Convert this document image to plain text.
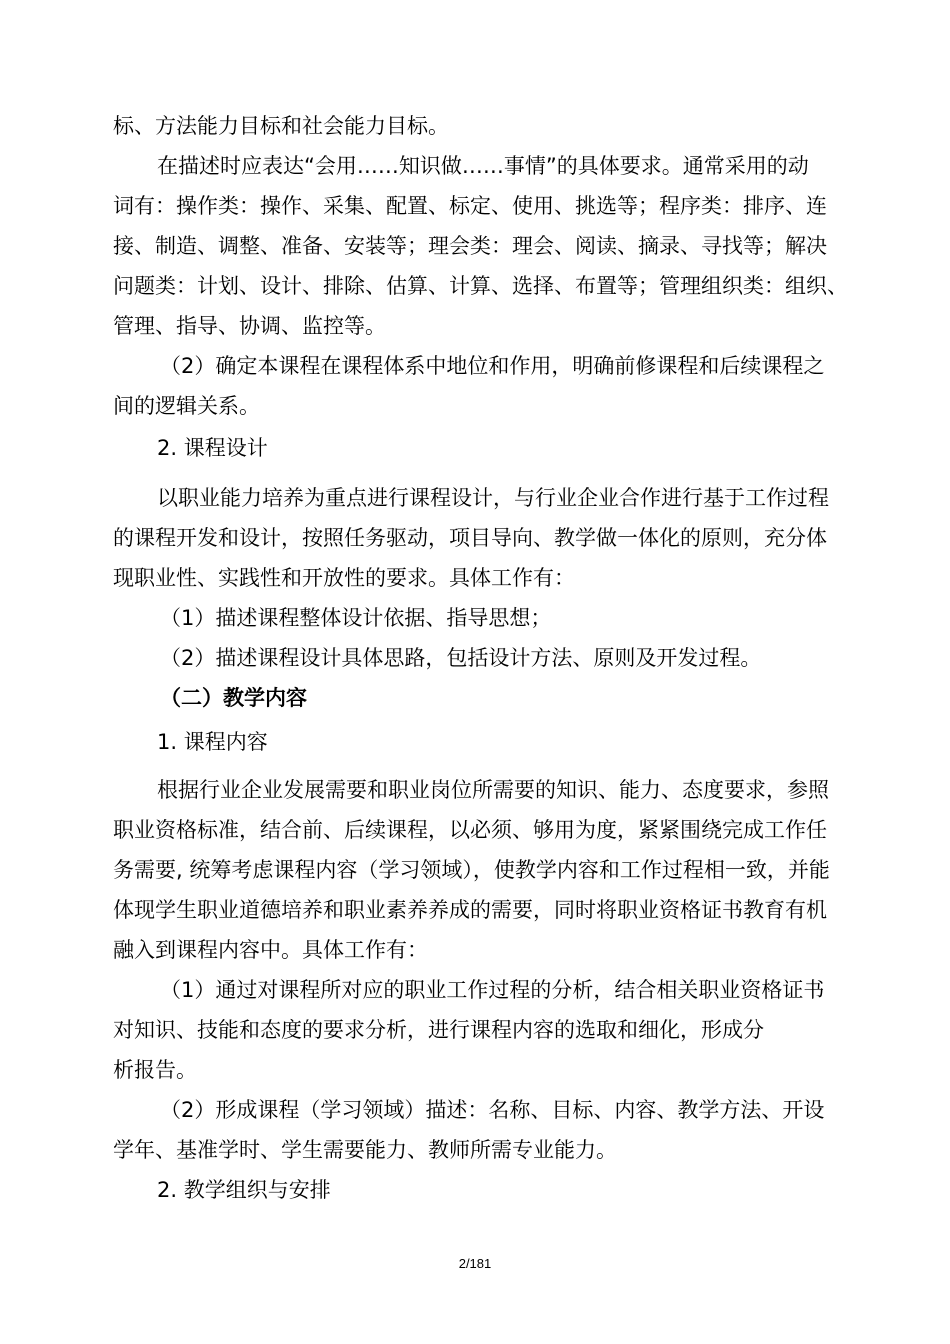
标、方法能力目标和社会能力目标。
在描述时应表达“会用……知识做……事情”的具体要求。通常采用的动
词有：操作类：操作、采集、配置、标定、使用、挑选等；程序类：排序、连
接、制造、调整、准备、安装等；理会类：理会、阅读、摘录、寻找等；解决
问题类：计划、设计、排除、估算、计算、选择、布置等；管理组织类：组织、
管理、指导、协调、监控等。
（2）确定本课程在课程体系中地位和作用，明确前修课程和后续课程之
间的逻辑关系。
2. 课程设计
以职业能力培养为重点进行课程设计，与行业企业合作进行基于工作过程
的课程开发和设计，按照任务驱动，项目导向、教学做一体化的原则，充分体
现职业性、实践性和开放性的要求。具体工作有：
（1）描述课程整体设计依据、指导思想；
（2）描述课程设计具体思路，包括设计方法、原则及开发过程。
（二）教学内容
1. 课程内容
根据行业企业发展需要和职业岗位所需要的知识、能力、态度要求，参照
职业资格标准，结合前、后续课程，以必须、够用为度，紧紧围绕完成工作任
务需要, 统筹考虑课程内容（学习领域），使教学内容和工作过程相一致，并能
体现学生职业道德培养和职业素养养成的需要，同时将职业资格证书教育有机
融入到课程内容中。具体工作有：
（1）通过对课程所对应的职业工作过程的分析，结合相关职业资格证书
对知识、技能和态度的要求分析，进行课程内容的选取和细化，形成分
析报告。
（2）形成课程（学习领域）描述：名称、目标、内容、教学方法、开设
学年、基准学时、学生需要能力、教师所需专业能力。
2. 教学组织与安排
2/181
